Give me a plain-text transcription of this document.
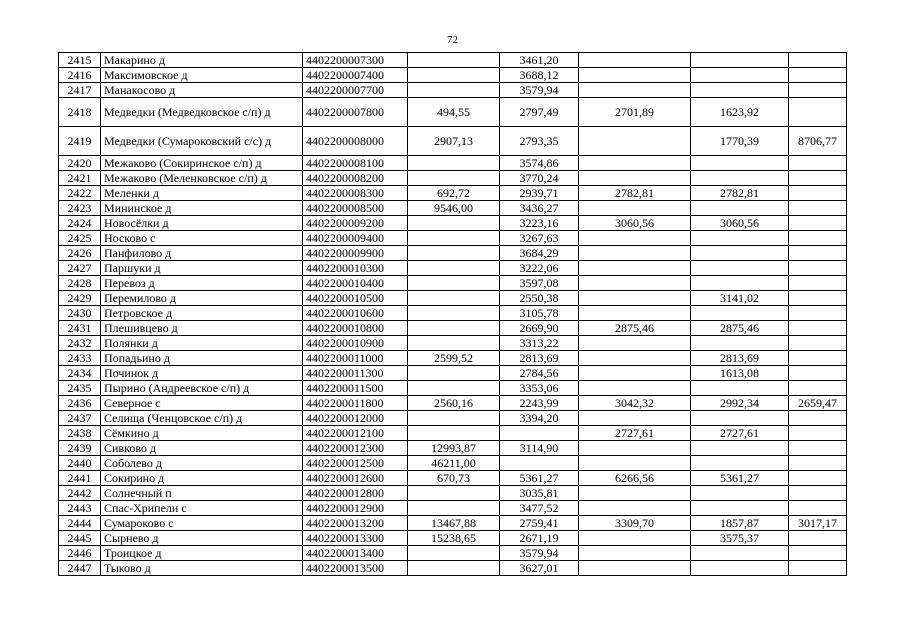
72
2415	Макарино д	4402200007300		3461,20			
2416	Максимовское д	4402200007400		3688,12			
2417	Манакосово д	4402200007700		3579,94			
2418	Медведки (Медведковское с/п) д	4402200007800	494,55	2797,49	2701,89	1623,92	
2419	Медведки (Сумароковский с/с) д	4402200008000	2907,13	2793,35		1770,39	8706,77
2420	Межаково (Сокиринское с/п) д	4402200008100		3574,86			
2421	Межаково (Меленковское с/п) д	4402200008200		3770,24			
2422	Меленки д	4402200008300	692,72	2939,71	2782,81	2782,81	
2423	Мининское д	4402200008500	9546,00	3436,27			
2424	Новосёлки д	4402200009200		3223,16	3060,56	3060,56	
2425	Носково с	4402200009400		3267,63			
2426	Панфилово д	4402200009900		3684,29			
2427	Паршуки д	4402200010300		3222,06			
2428	Перевоз д	4402200010400		3597,08			
2429	Перемилово д	4402200010500		2550,38		3141,02	
2430	Петровское д	4402200010600		3105,78			
2431	Плешивцево д	4402200010800		2669,90	2875,46	2875,46	
2432	Полянки д	4402200010900		3313,22			
2433	Попадьино д	4402200011000	2599,52	2813,69		2813,69	
2434	Починок д	4402200011300		2784,56		1613,08	
2435	Пырино (Андреевское с/п) д	4402200011500		3353,06			
2436	Северное с	4402200011800	2560,16	2243,99	3042,32	2992,34	2659,47
2437	Селища (Ченцовское с/п) д	4402200012000		3394,20			
2438	Сёмкино д	4402200012100			2727,61	2727,61	
2439	Сивково д	4402200012300	12993,87	3114,90			
2440	Соболево д	4402200012500	46211,00				
2441	Сокирино д	4402200012600	670,73	5361,27	6266,56	5361,27	
2442	Солнечный п	4402200012800		3035,81			
2443	Спас-Хрипели с	4402200012900		3477,52			
2444	Сумароково с	4402200013200	13467,88	2759,41	3309,70	1857,87	3017,17
2445	Сырнево д	4402200013300	15238,65	2671,19		3575,37	
2446	Троицкое д	4402200013400		3579,94			
2447	Тыково д	4402200013500		3627,01			
